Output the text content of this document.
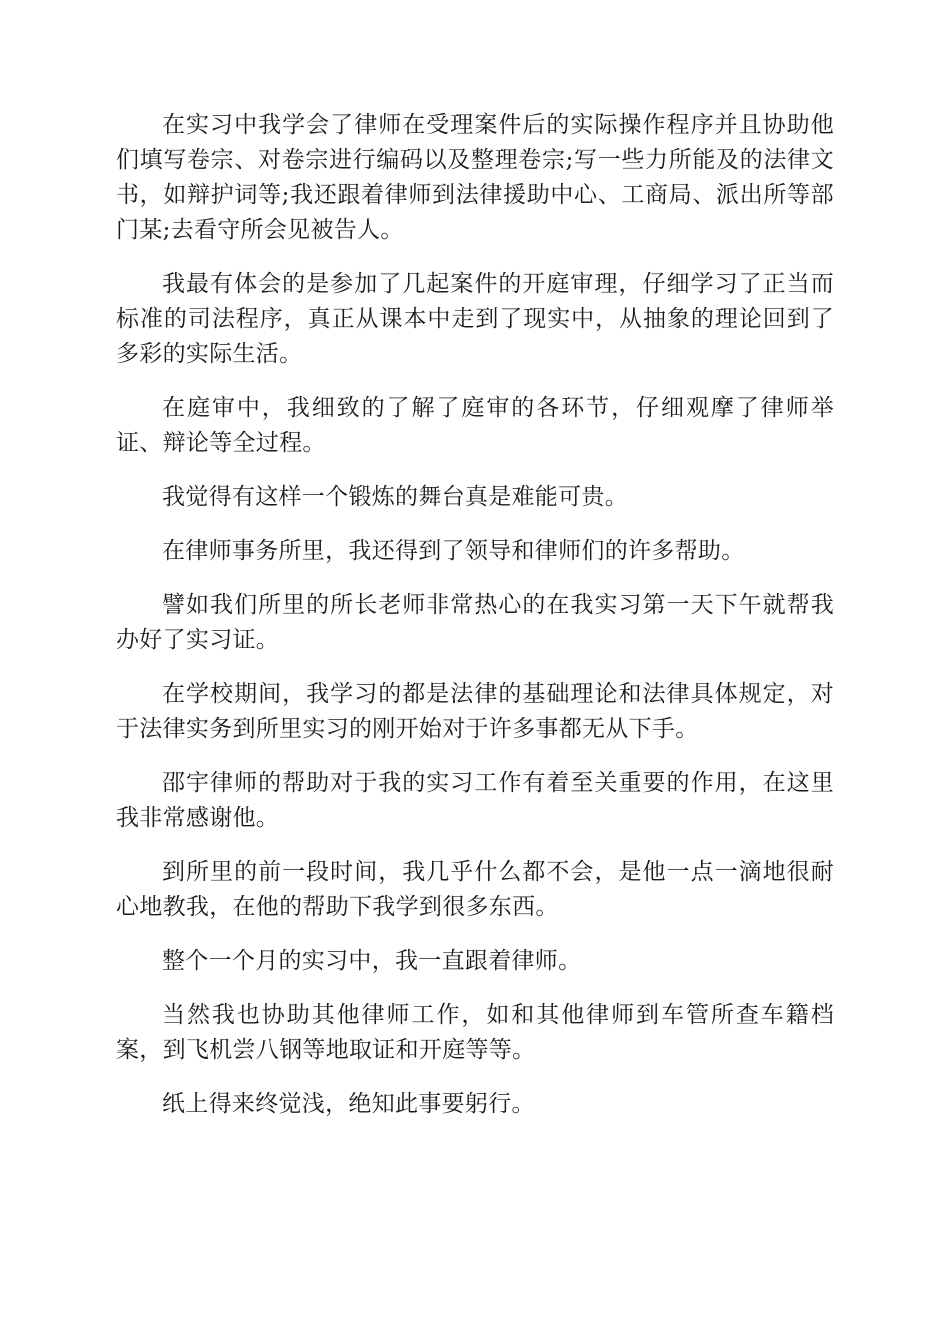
在实习中我学会了律师在受理案件后的实际操作程序并且协助他们填写卷宗、对卷宗进行编码以及整理卷宗;写一些力所能及的法律文书，如辩护词等;我还跟着律师到法律援助中心、工商局、派出所等部门某;去看守所会见被告人。

我最有体会的是参加了几起案件的开庭审理，仔细学习了正当而标准的司法程序，真正从课本中走到了现实中，从抽象的理论回到了多彩的实际生活。

在庭审中，我细致的了解了庭审的各环节，仔细观摩了律师举证、辩论等全过程。

我觉得有这样一个锻炼的舞台真是难能可贵。

在律师事务所里，我还得到了领导和律师们的许多帮助。

譬如我们所里的所长老师非常热心的在我实习第一天下午就帮我办好了实习证。

在学校期间，我学习的都是法律的基础理论和法律具体规定，对于法律实务到所里实习的刚开始对于许多事都无从下手。

邵宇律师的帮助对于我的实习工作有着至关重要的作用，在这里我非常感谢他。

到所里的前一段时间，我几乎什么都不会，是他一点一滴地很耐心地教我，在他的帮助下我学到很多东西。

整个一个月的实习中，我一直跟着律师。

当然我也协助其他律师工作，如和其他律师到车管所查车籍档案，到飞机尝八钢等地取证和开庭等等。

纸上得来终觉浅，绝知此事要躬行。
